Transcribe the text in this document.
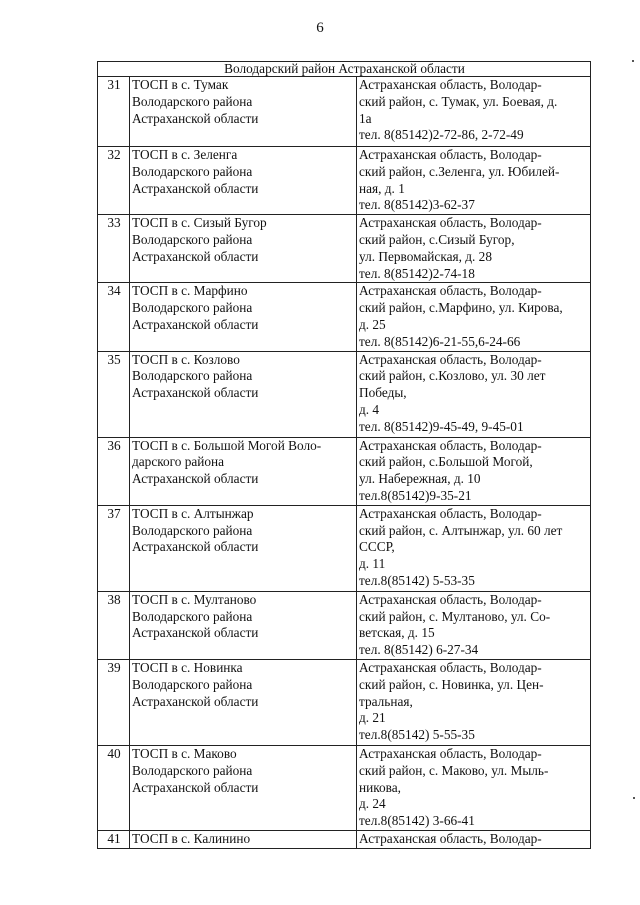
6
Володарский район Астраханской области		
31	ТОСП в с. Тумак
Володарского района
Астраханской области	Астраханская область, Володар-
ский район, с. Тумак, ул. Боевая, д.
1а
тел. 8(85142)2-72-86, 2-72-49
32	ТОСП в с. Зеленга
Володарского района
Астраханской области	Астраханская область, Володар-
ский район, с.Зеленга, ул. Юбилей-
ная, д. 1
тел. 8(85142)3-62-37
33	ТОСП в с. Сизый Бугор
Володарского района
Астраханской области	Астраханская область, Володар-
ский район, с.Сизый Бугор,
ул. Первомайская, д. 28
тел. 8(85142)2-74-18
34	ТОСП в с. Марфино
Володарского района
Астраханской области	Астраханская область, Володар-
ский район, с.Марфино, ул. Кирова,
д. 25
тел. 8(85142)6-21-55,6-24-66
35	ТОСП в с. Козлово
Володарского района
Астраханской области	Астраханская область, Володар-
ский район, с.Козлово, ул. 30 лет
Победы,
д. 4
тел. 8(85142)9-45-49, 9-45-01
36	ТОСП в с. Большой Могой Воло-
дарского района
Астраханской области	Астраханская область, Володар-
ский район, с.Большой Могой,
ул. Набережная, д. 10
тел.8(85142)9-35-21
37	ТОСП в с. Алтынжар
Володарского района
Астраханской области	Астраханская область, Володар-
ский район, с. Алтынжар, ул. 60 лет
СССР,
д. 11
тел.8(85142) 5-53-35
38	ТОСП в с. Мултаново
Володарского района
Астраханской области	Астраханская область, Володар-
ский район, с. Мултаново, ул. Со-
ветская, д. 15
тел. 8(85142) 6-27-34
39	ТОСП в с. Новинка
Володарского района
Астраханской области	Астраханская область, Володар-
ский район, с. Новинка, ул. Цен-
тральная,
д. 21
тел.8(85142) 5-55-35
40	ТОСП в с. Маково
Володарского района
Астраханской области	Астраханская область, Володар-
ский район, с. Маково, ул. Мыль-
никова,
д. 24
тел.8(85142) 3-66-41
41	ТОСП в с. Калинино	Астраханская область, Володар-
